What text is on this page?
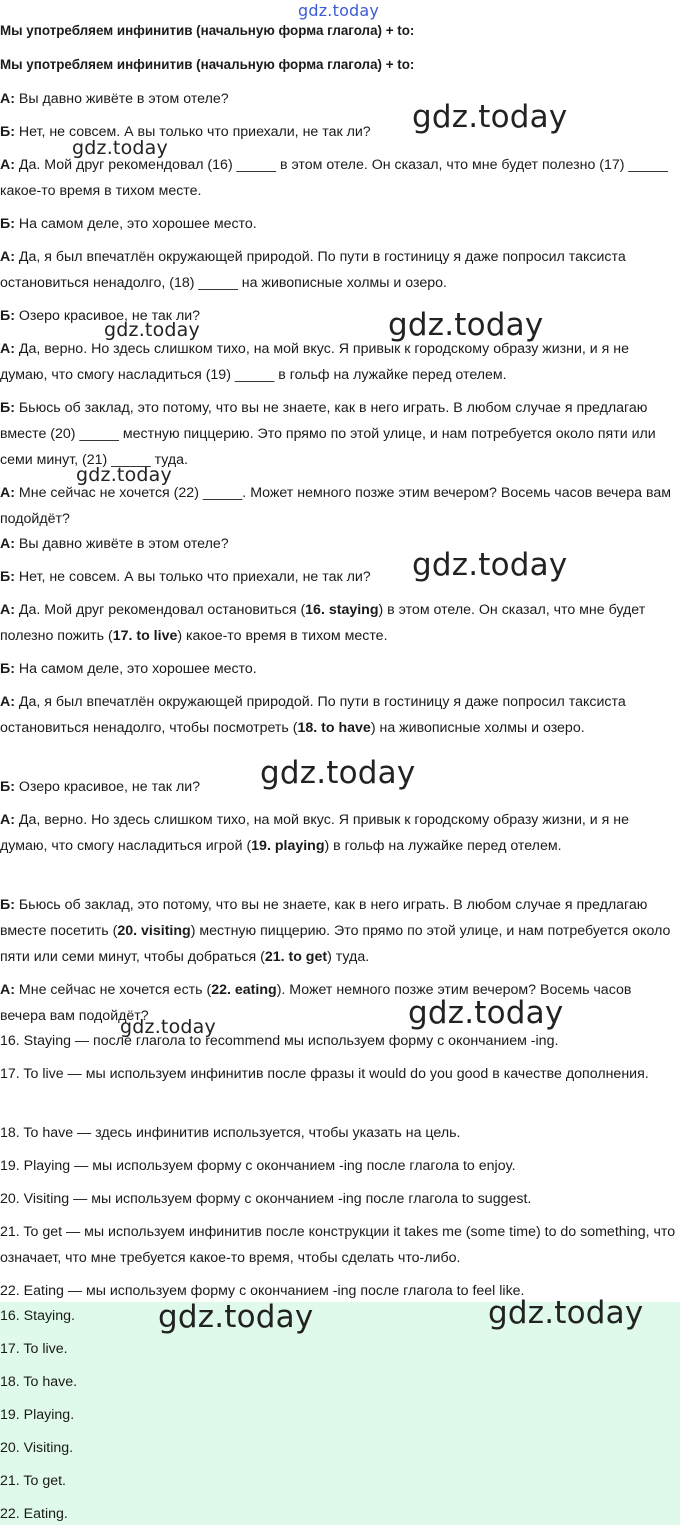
gdz.today
gdz.today
gdz.today
gdz.today
gdz.today
gdz.today
gdz.today
gdz.today
gdz.today
gdz.today
gdz.today	gdz.today

Мы употребляем инфинитив (начальную форма глагола) + to:

Мы употребляем инфинитив (начальную форма глагола) + to:

А: Вы давно живёте в этом отеле?

Б: Нет, не совсем. А вы только что приехали, не так ли?

А: Да. Мой друг рекомендовал (16) _____ в этом отеле. Он сказал, что мне будет полезно (17) _____ какое-то время в тихом месте.

Б: На самом деле, это хорошее место.

А: Да, я был впечатлён окружающей природой. По пути в гостиницу я даже попросил таксиста остановиться ненадолго, (18) _____ на живописные холмы и озеро.

Б: Озеро красивое, не так ли?

А: Да, верно. Но здесь слишком тихо, на мой вкус. Я привык к городскому образу жизни, и я не думаю, что смогу насладиться (19) _____ в гольф на лужайке перед отелем.

Б: Бьюсь об заклад, это потому, что вы не знаете, как в него играть. В любом случае я предлагаю вместе (20) _____ местную пиццерию. Это прямо по этой улице, и нам потребуется около пяти или семи минут, (21) _____ туда.

А: Мне сейчас не хочется (22) _____. Может немного позже этим вечером? Восемь часов вечера вам подойдёт?

А: Вы давно живёте в этом отеле?

Б: Нет, не совсем. А вы только что приехали, не так ли?

А: Да. Мой друг рекомендовал остановиться (16. staying) в этом отеле. Он сказал, что мне будет полезно пожить (17. to live) какое-то время в тихом месте.

Б: На самом деле, это хорошее место.

А: Да, я был впечатлён окружающей природой. По пути в гостиницу я даже попросил таксиста остановиться ненадолго, чтобы посмотреть (18. to have) на живописные холмы и озеро.

Б: Озеро красивое, не так ли?

А: Да, верно. Но здесь слишком тихо, на мой вкус. Я привык к городскому образу жизни, и я не думаю, что смогу насладиться игрой (19. playing) в гольф на лужайке перед отелем.

Б: Бьюсь об заклад, это потому, что вы не знаете, как в него играть. В любом случае я предлагаю вместе посетить (20. visiting) местную пиццерию. Это прямо по этой улице, и нам потребуется около пяти или семи минут, чтобы добраться (21. to get) туда.

А: Мне сейчас не хочется есть (22. eating). Может немного позже этим вечером? Восемь часов вечера вам подойдёт?

16. Staying — после глагола to recommend мы используем форму с окончанием -ing.

17. To live — мы используем инфинитив после фразы it would do you good в качестве дополнения.

18. To have — здесь инфинитив используется, чтобы указать на цель.

19. Playing — мы используем форму с окончанием -ing после глагола to enjoy.

20. Visiting — мы используем форму с окончанием -ing после глагола to suggest.

21. To get — мы используем инфинитив после конструкции it takes me (some time) to do something, что означает, что мне требуется какое-то время, чтобы сделать что-либо.

22. Eating — мы используем форму с окончанием -ing после глагола to feel like.

16. Staying.

17. To live.

18. To have.

19. Playing.

20. Visiting.

21. To get.

22. Eating.
